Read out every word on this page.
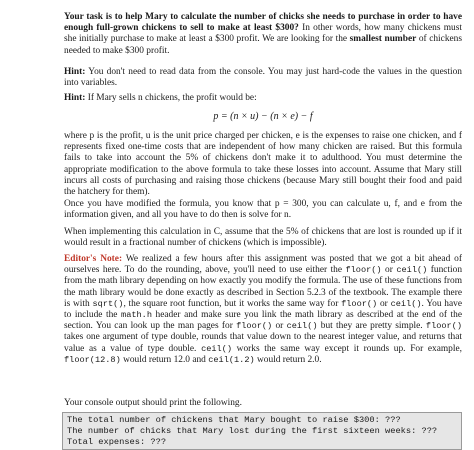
Your task is to help Mary to calculate the number of chicks she needs to purchase in order to have enough full-grown chickens to sell to make at least $300? In other words, how many chickens must she initially purchase to make at least a $300 profit. We are looking for the smallest number of chickens needed to make $300 profit.
Hint: You don't need to read data from the console. You may just hard-code the values in the question into variables.
Hint: If Mary sells n chickens, the profit would be:
p = (n × u) − (n × e) − f
where p is the profit, u is the unit price charged per chicken, e is the expenses to raise one chicken, and f represents fixed one-time costs that are independent of how many chicken are raised. But this formula fails to take into account the 5% of chickens don't make it to adulthood. You must determine the appropriate modification to the above formula to take these losses into account. Assume that Mary still incurs all costs of purchasing and raising those chickens (because Mary still bought their food and paid the hatchery for them).
Once you have modified the formula, you know that p = 300, you can calculate u, f, and e from the information given, and all you have to do then is solve for n.
When implementing this calculation in C, assume that the 5% of chickens that are lost is rounded up if it would result in a fractional number of chickens (which is impossible).
Editor's Note: We realized a few hours after this assignment was posted that we got a bit ahead of ourselves here. To do the rounding, above, you'll need to use either the floor() or ceil() function from the math library depending on how exactly you modify the formula. The use of these functions from the math library would be done exactly as described in Section 5.2.3 of the textbook. The example there is with sqrt(), the square root function, but it works the same way for floor() or ceil(). You have to include the math.h header and make sure you link the math library as described at the end of the section. You can look up the man pages for floor() or ceil() but they are pretty simple. floor() takes one argument of type double, rounds that value down to the nearest integer value, and returns that value as a value of type double. ceil() works the same way except it rounds up. For example, floor(12.8) would return 12.0 and ceil(1.2) would return 2.0.
Your console output should print the following.
The total number of chickens that Mary bought to raise $300: ???
The number of chicks that Mary lost during the first sixteen weeks: ???
Total expenses: ???
